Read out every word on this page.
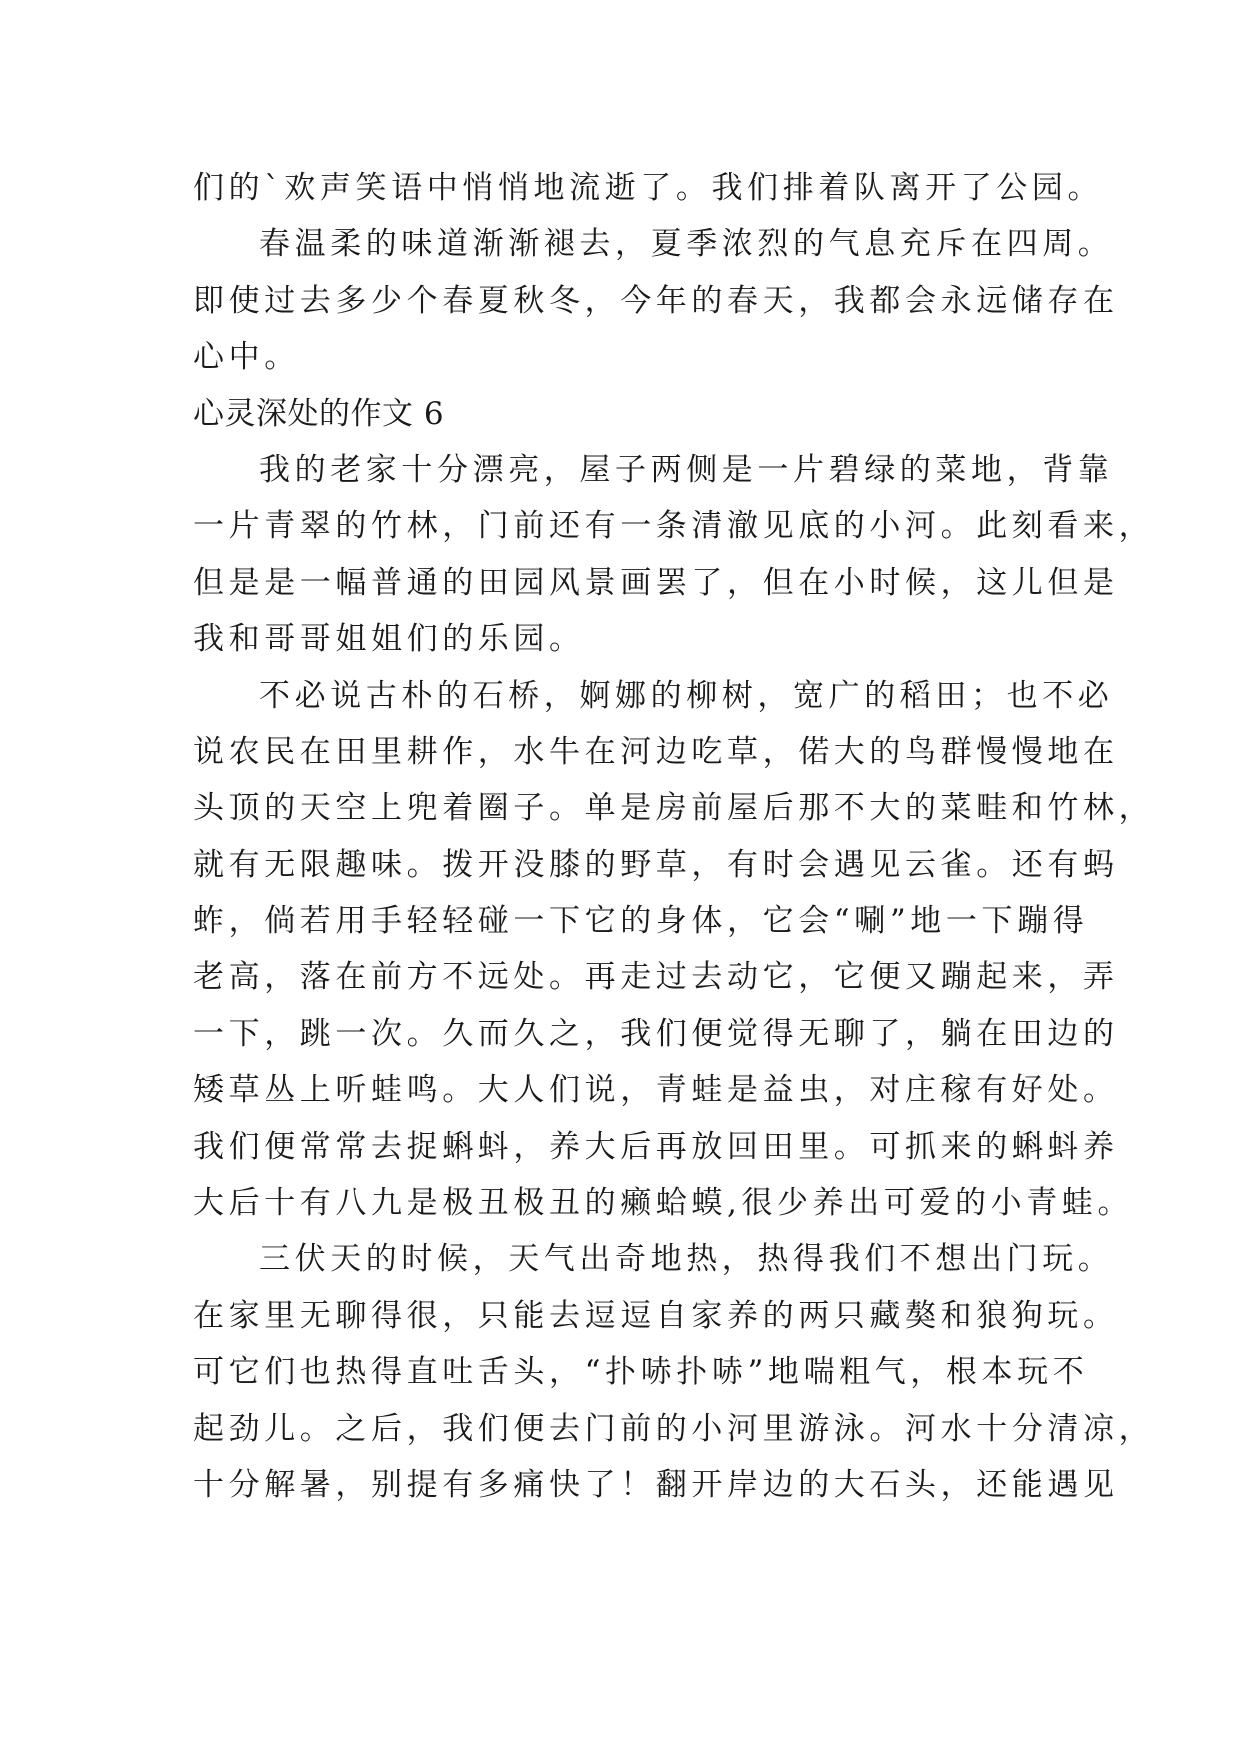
们的`欢声笑语中悄悄地流逝了。我们排着队离开了公园。
春温柔的味道渐渐褪去，夏季浓烈的气息充斥在四周。
即使过去多少个春夏秋冬，今年的春天，我都会永远储存在
心中。
心灵深处的作文 6
我的老家十分漂亮，屋子两侧是一片碧绿的菜地，背靠
一片青翠的竹林，门前还有一条清澈见底的小河。此刻看来，
但是是一幅普通的田园风景画罢了，但在小时候，这儿但是
我和哥哥姐姐们的乐园。
不必说古朴的石桥，婀娜的柳树，宽广的稻田；也不必
说农民在田里耕作，水牛在河边吃草，偌大的鸟群慢慢地在
头顶的天空上兜着圈子。单是房前屋后那不大的菜畦和竹林，
就有无限趣味。拨开没膝的野草，有时会遇见云雀。还有蚂
蚱，倘若用手轻轻碰一下它的身体，它会“唰”地一下蹦得
老高，落在前方不远处。再走过去动它，它便又蹦起来，弄
一下，跳一次。久而久之，我们便觉得无聊了，躺在田边的
矮草丛上听蛙鸣。大人们说，青蛙是益虫，对庄稼有好处。
我们便常常去捉蝌蚪，养大后再放回田里。可抓来的蝌蚪养
大后十有八九是极丑极丑的癞蛤蟆,很少养出可爱的小青蛙。
三伏天的时候，天气出奇地热，热得我们不想出门玩。
在家里无聊得很，只能去逗逗自家养的两只藏獒和狼狗玩。
可它们也热得直吐舌头，“扑哧扑哧”地喘粗气，根本玩不
起劲儿。之后，我们便去门前的小河里游泳。河水十分清凉，
十分解暑，别提有多痛快了！翻开岸边的大石头，还能遇见
